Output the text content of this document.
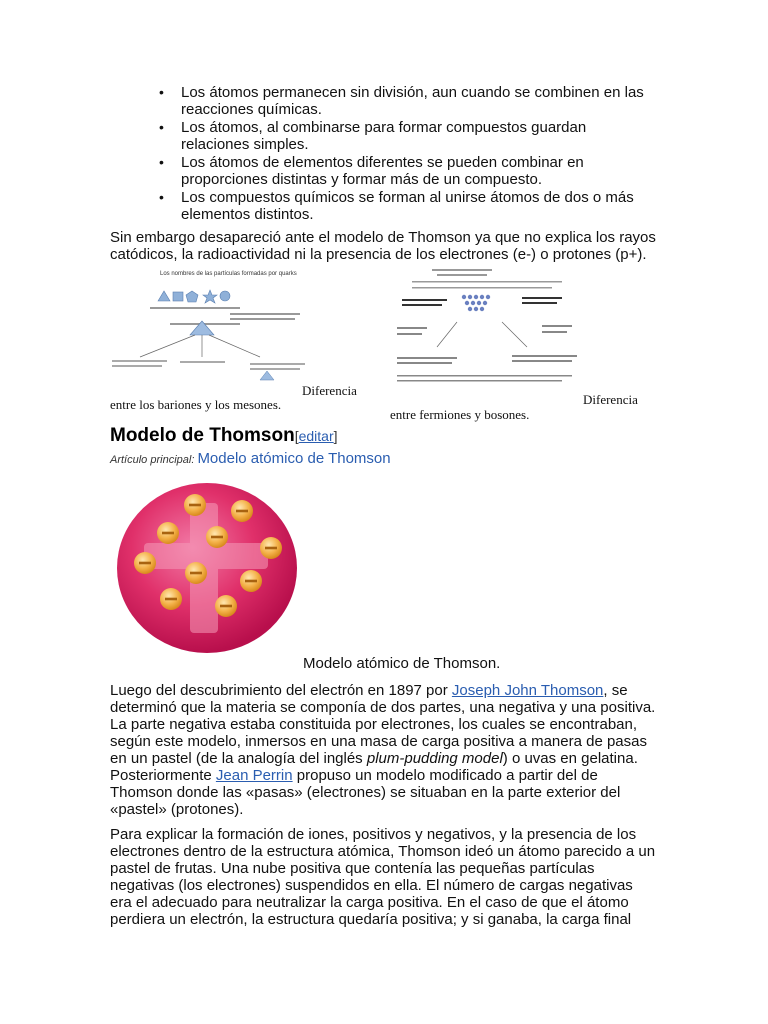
• Los átomos permanecen sin división, aun cuando se combinen en las reacciones químicas.
• Los átomos, al combinarse para formar compuestos guardan relaciones simples.
• Los átomos de elementos diferentes se pueden combinar en proporciones distintas y formar más de un compuesto.
• Los compuestos químicos se forman al unirse átomos de dos o más elementos distintos.

Sin embargo desapareció ante el modelo de Thomson ya que no explica los rayos catódicos, la radioactividad ni la presencia de los electrones (e-) o protones (p+).

Los nombres de las partículas formadas por quarks
Diferencia
entre los bariones y los mesones.
entre fermiones y bosones.
Diferencia
Modelo de Thomson[editar]
Artículo principal: Modelo atómico de Thomson

Modelo atómico de Thomson.

Luego del descubrimiento del electrón en 1897 por Joseph John Thomson, se determinó que la materia se componía de dos partes, una negativa y una positiva. La parte negativa estaba constituida por electrones, los cuales se encontraban, según este modelo, inmersos en una masa de carga positiva a manera de pasas en un pastel (de la analogía del inglés plum-pudding model) o uvas en gelatina. Posteriormente Jean Perrin propuso un modelo modificado a partir del de Thomson donde las «pasas» (electrones) se situaban en la parte exterior del «pastel» (protones).

Para explicar la formación de iones, positivos y negativos, y la presencia de los electrones dentro de la estructura atómica, Thomson ideó un átomo parecido a un pastel de frutas. Una nube positiva que contenía las pequeñas partículas negativas (los electrones) suspendidos en ella. El número de cargas negativas era el adecuado para neutralizar la carga positiva. En el caso de que el átomo perdiera un electrón, la estructura quedaría positiva; y si ganaba, la carga final
